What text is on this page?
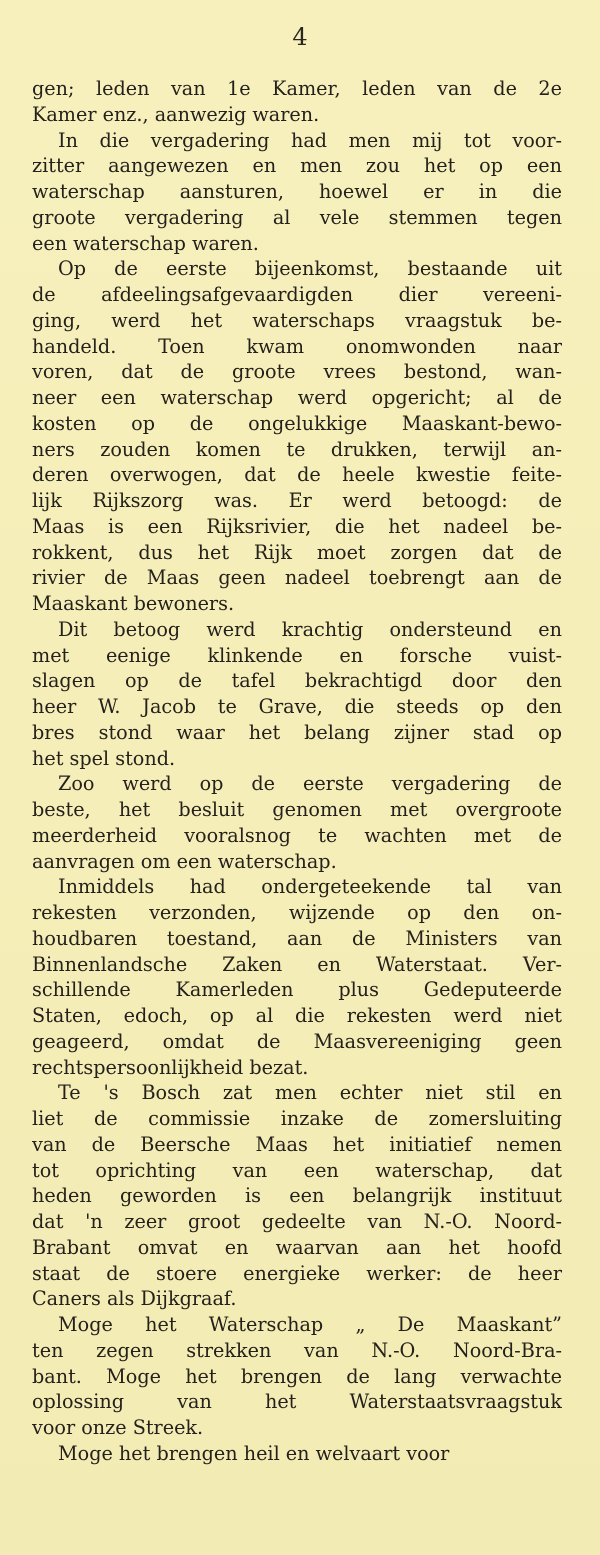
4
gen; leden van 1e Kamer, leden van de 2e
Kamer enz., aanwezig waren.
In die vergadering had men mij tot voor-
zitter aangewezen en men zou het op een
waterschap aansturen, hoewel er in die
groote vergadering al vele stemmen tegen
een waterschap waren.
Op de eerste bijeenkomst, bestaande uit
de afdeelingsafgevaardigden dier vereeni-
ging, werd het waterschaps vraagstuk be-
handeld. Toen kwam onomwonden naar
voren, dat de groote vrees bestond, wan-
neer een waterschap werd opgericht; al de
kosten op de ongelukkige Maaskant-bewo-
ners zouden komen te drukken, terwijl an-
deren overwogen, dat de heele kwestie feite-
lijk Rijkszorg was. Er werd betoogd: de
Maas is een Rijksrivier, die het nadeel be-
rokkent, dus het Rijk moet zorgen dat de
rivier de Maas geen nadeel toebrengt aan de
Maaskant bewoners.
Dit betoog werd krachtig ondersteund en
met eenige klinkende en forsche vuist-
slagen op de tafel bekrachtigd door den
heer W. Jacob te Grave, die steeds op den
bres stond waar het belang zijner stad op
het spel stond.
Zoo werd op de eerste vergadering de
beste, het besluit genomen met overgroote
meerderheid vooralsnog te wachten met de
aanvragen om een waterschap.
Inmiddels had ondergeteekende tal van
rekesten verzonden, wijzende op den on-
houdbaren toestand, aan de Ministers van
Binnenlandsche Zaken en Waterstaat. Ver-
schillende Kamerleden plus Gedeputeerde
Staten, edoch, op al die rekesten werd niet
geageerd, omdat de Maasvereeniging geen
rechtspersoonlijkheid bezat.
Te 's Bosch zat men echter niet stil en
liet de commissie inzake de zomersluiting
van de Beersche Maas het initiatief nemen
tot oprichting van een waterschap, dat
heden geworden is een belangrijk instituut
dat 'n zeer groot gedeelte van N.-O. Noord-
Brabant omvat en waarvan aan het hoofd
staat de stoere energieke werker: de heer
Caners als Dijkgraaf.
Moge het Waterschap „ De Maaskant”
ten zegen strekken van N.-O. Noord-Bra-
bant. Moge het brengen de lang verwachte
oplossing van het Waterstaatsvraagstuk
voor onze Streek.
Moge het brengen heil en welvaart voor
